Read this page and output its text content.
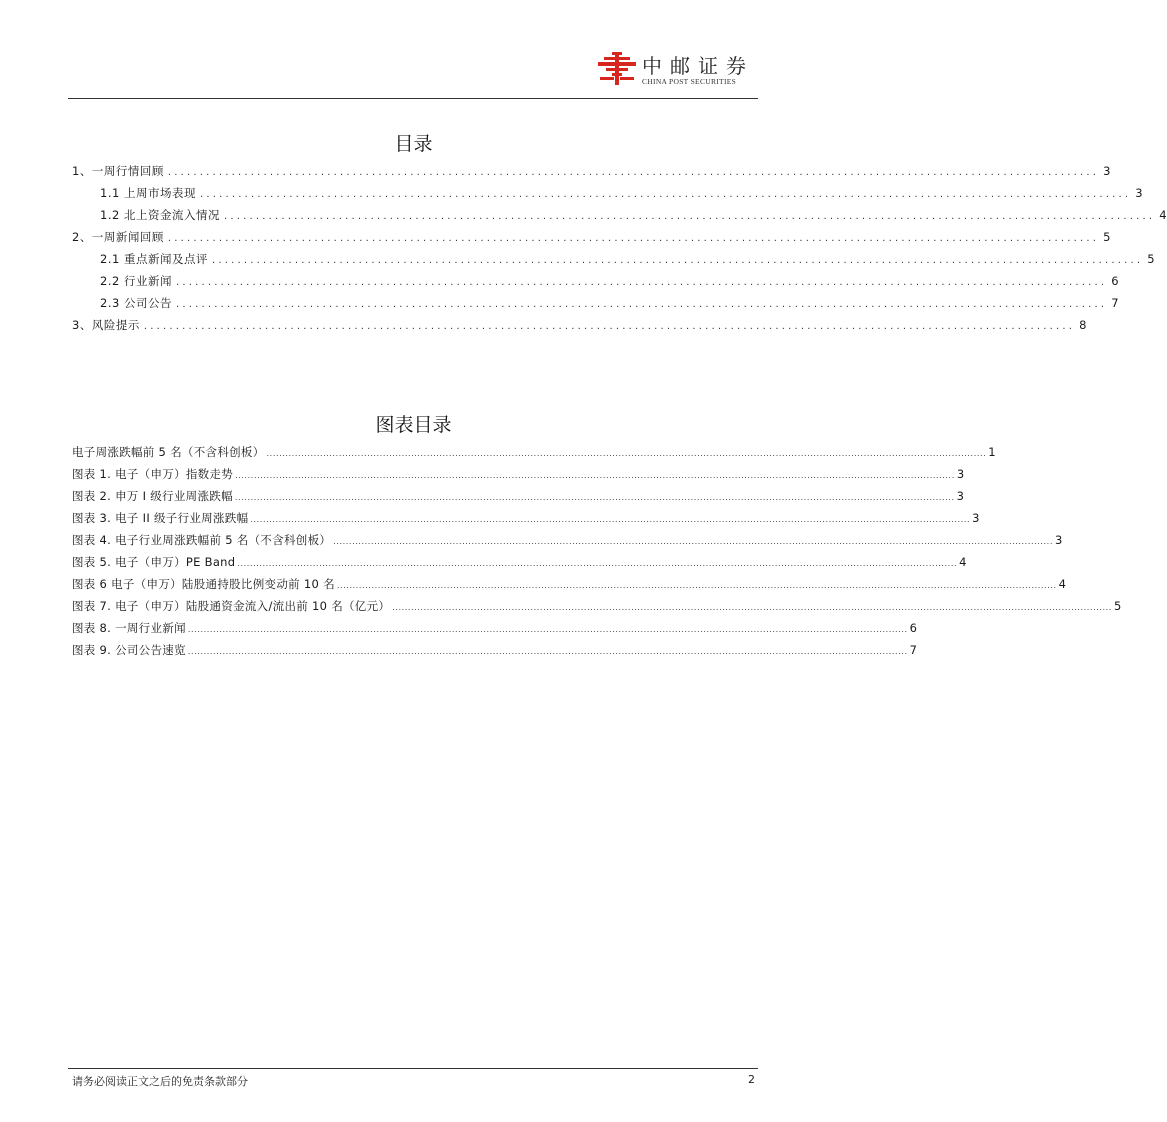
中邮证券
CHINA POST SECURITIES
目录
1、一周行情回顾 .................................................................................................................................................. 3
1.1 上周市场表现 .................................................................................................................................................. 3
1.2 北上资金流入情况 .................................................................................................................................................. 4
2、一周新闻回顾 .................................................................................................................................................. 5
2.1 重点新闻及点评 .................................................................................................................................................. 5
2.2 行业新闻 .................................................................................................................................................. 6
2.3 公司公告 .................................................................................................................................................. 7
3、风险提示 .................................................................................................................................................. 8
图表目录
电子周涨跌幅前 5 名（不含科创板） ..................................................................................................................................................................................................................................... 1
图表 1. 电子（申万）指数走势 ..................................................................................................................................................................................................................................... 3
图表 2. 申万 I 级行业周涨跌幅 ..................................................................................................................................................................................................................................... 3
图表 3. 电子 II 级子行业周涨跌幅 ..................................................................................................................................................................................................................................... 3
图表 4. 电子行业周涨跌幅前 5 名（不含科创板） ..................................................................................................................................................................................................................................... 3
图表 5. 电子（申万）PE Band ..................................................................................................................................................................................................................................... 4
图表 6 电子（申万）陆股通持股比例变动前 10 名 ..................................................................................................................................................................................................................................... 4
图表 7. 电子（申万）陆股通资金流入/流出前 10 名（亿元） ..................................................................................................................................................................................................................................... 5
图表 8. 一周行业新闻 ..................................................................................................................................................................................................................................... 6
图表 9. 公司公告速览 ..................................................................................................................................................................................................................................... 7
请务必阅读正文之后的免责条款部分	2
